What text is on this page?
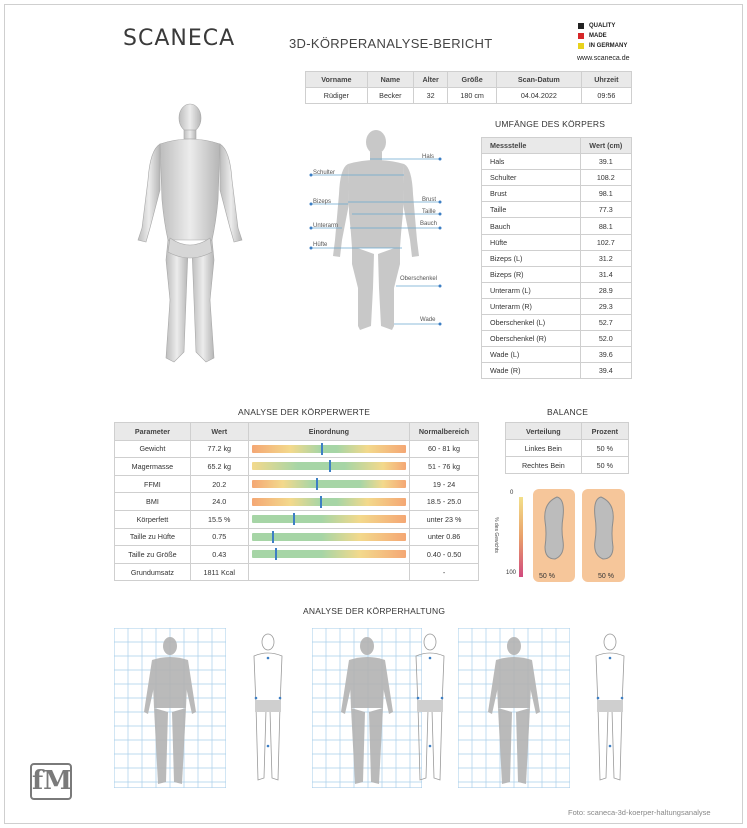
SCANECA	3D-KÖRPERANALYSE-BERICHT
QUALITY
MADE
IN GERMANY
www.scaneca.de
Vorname	Name	Alter	Größe	Scan-Datum	Uhrzeit
Rüdiger	Becker	32	180 cm	04.04.2022	09:56
Schulter
Bizeps
Unterarm
Hüfte
Hals
Brust
Taille
Bauch
Oberschenkel
Wade
UMFÄNGE DES KÖRPERS
Messstelle	Wert (cm)
Hals	39.1
Schulter	108.2
Brust	98.1
Taille	77.3
Bauch	88.1
Hüfte	102.7
Bizeps (L)	31.2
Bizeps (R)	31.4
Unterarm (L)	28.9
Unterarm (R)	29.3
Oberschenkel (L)	52.7
Oberschenkel (R)	52.0
Wade (L)	39.6
Wade (R)	39.4
ANALYSE DER KÖRPERWERTE
Parameter	Wert	Einordnung	Normalbereich
Gewicht	77.2 kg		60 - 81 kg
Magermasse	65.2 kg		51 - 76 kg
FFMI	20.2		19 - 24
BMI	24.0		18.5 - 25.0
Körperfett	15.5 %		unter 23 %
Taille zu Hüfte	0.75		unter 0.86
Taille zu Größe	0.43		0.40 - 0.50
Grundumsatz	1811 Kcal		-
BALANCE
Verteilung	Prozent
Linkes Bein	50 %
Rechtes Bein	50 %
0
100
% des Gewichts
50 %	50 %
ANALYSE DER KÖRPERHALTUNG
fM
Foto: scaneca-3d-koerper-haltungsanalyse
